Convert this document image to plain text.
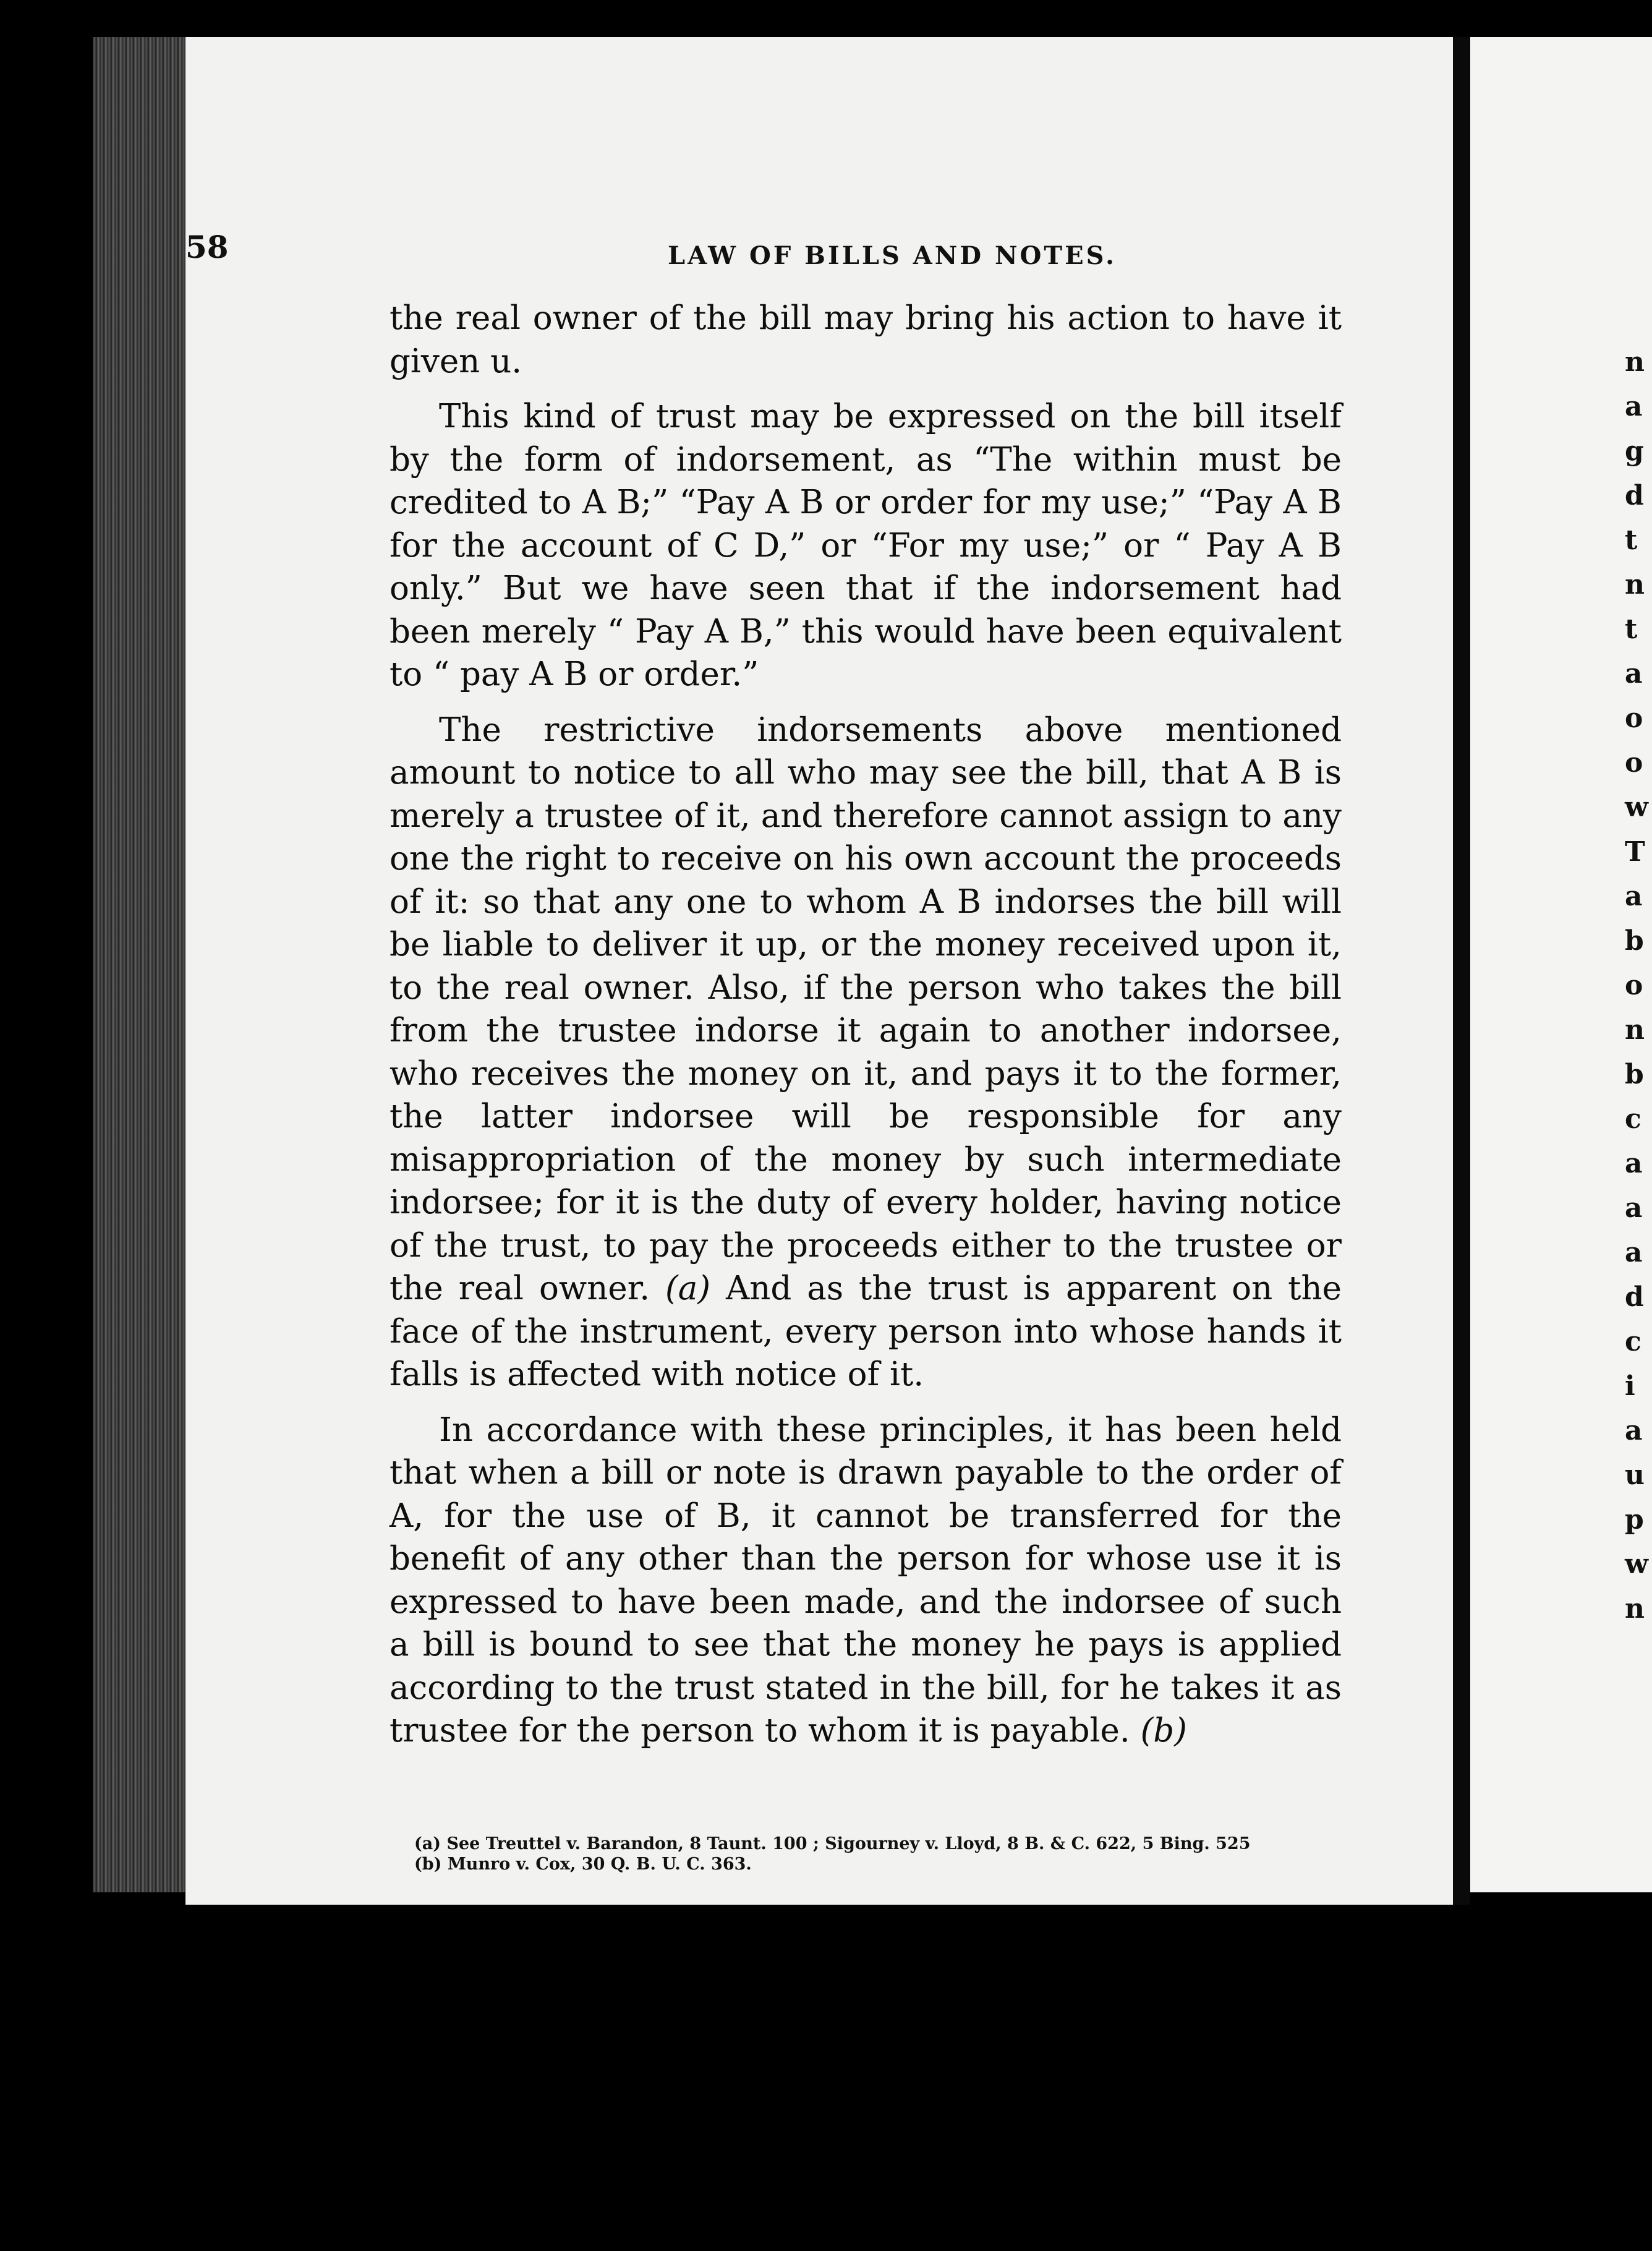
n
a
g
d
t
n
t
a
o
o
w
T
a
b
o
n
b
c
a
a
a
d
c
i
a
u
p
w
n
58	LAW OF BILLS AND NOTES.

the real owner of the bill may bring his action to have it given u.

This kind of trust may be expressed on the bill itself by the form of indorsement, as “The within must be credited to A B;” “Pay A B or order for my use;” “Pay A B for the account of C D,” or “For my use;” or “ Pay A B only.” But we have seen that if the indorsement had been merely “ Pay A B,” this would have been equivalent to “ pay A B or order.”

The restrictive indorsements above mentioned amount to notice to all who may see the bill, that A B is merely a trustee of it, and therefore cannot assign to any one the right to receive on his own account the proceeds of it: so that any one to whom A B indorses the bill will be liable to deliver it up, or the money received upon it, to the real owner. Also, if the person who takes the bill from the trustee indorse it again to another indorsee, who receives the money on it, and pays it to the former, the latter indorsee will be responsible for any misappropriation of the money by such intermediate indorsee; for it is the duty of every holder, having notice of the trust, to pay the proceeds either to the trustee or the real owner. (a) And as the trust is apparent on the face of the instrument, every person into whose hands it falls is affected with notice of it.

In accordance with these principles, it has been held that when a bill or note is drawn payable to the order of A, for the use of B, it cannot be transferred for the benefit of any other than the person for whose use it is expressed to have been made, and the indorsee of such a bill is bound to see that the money he pays is applied according to the trust stated in the bill, for he takes it as trustee for the person to whom it is payable. (b)

(a) See Treuttel v. Barandon, 8 Taunt. 100 ; Sigourney v. Lloyd, 8 B. & C. 622, 5 Bing. 525

(b) Munro v. Cox, 30 Q. B. U. C. 363.
